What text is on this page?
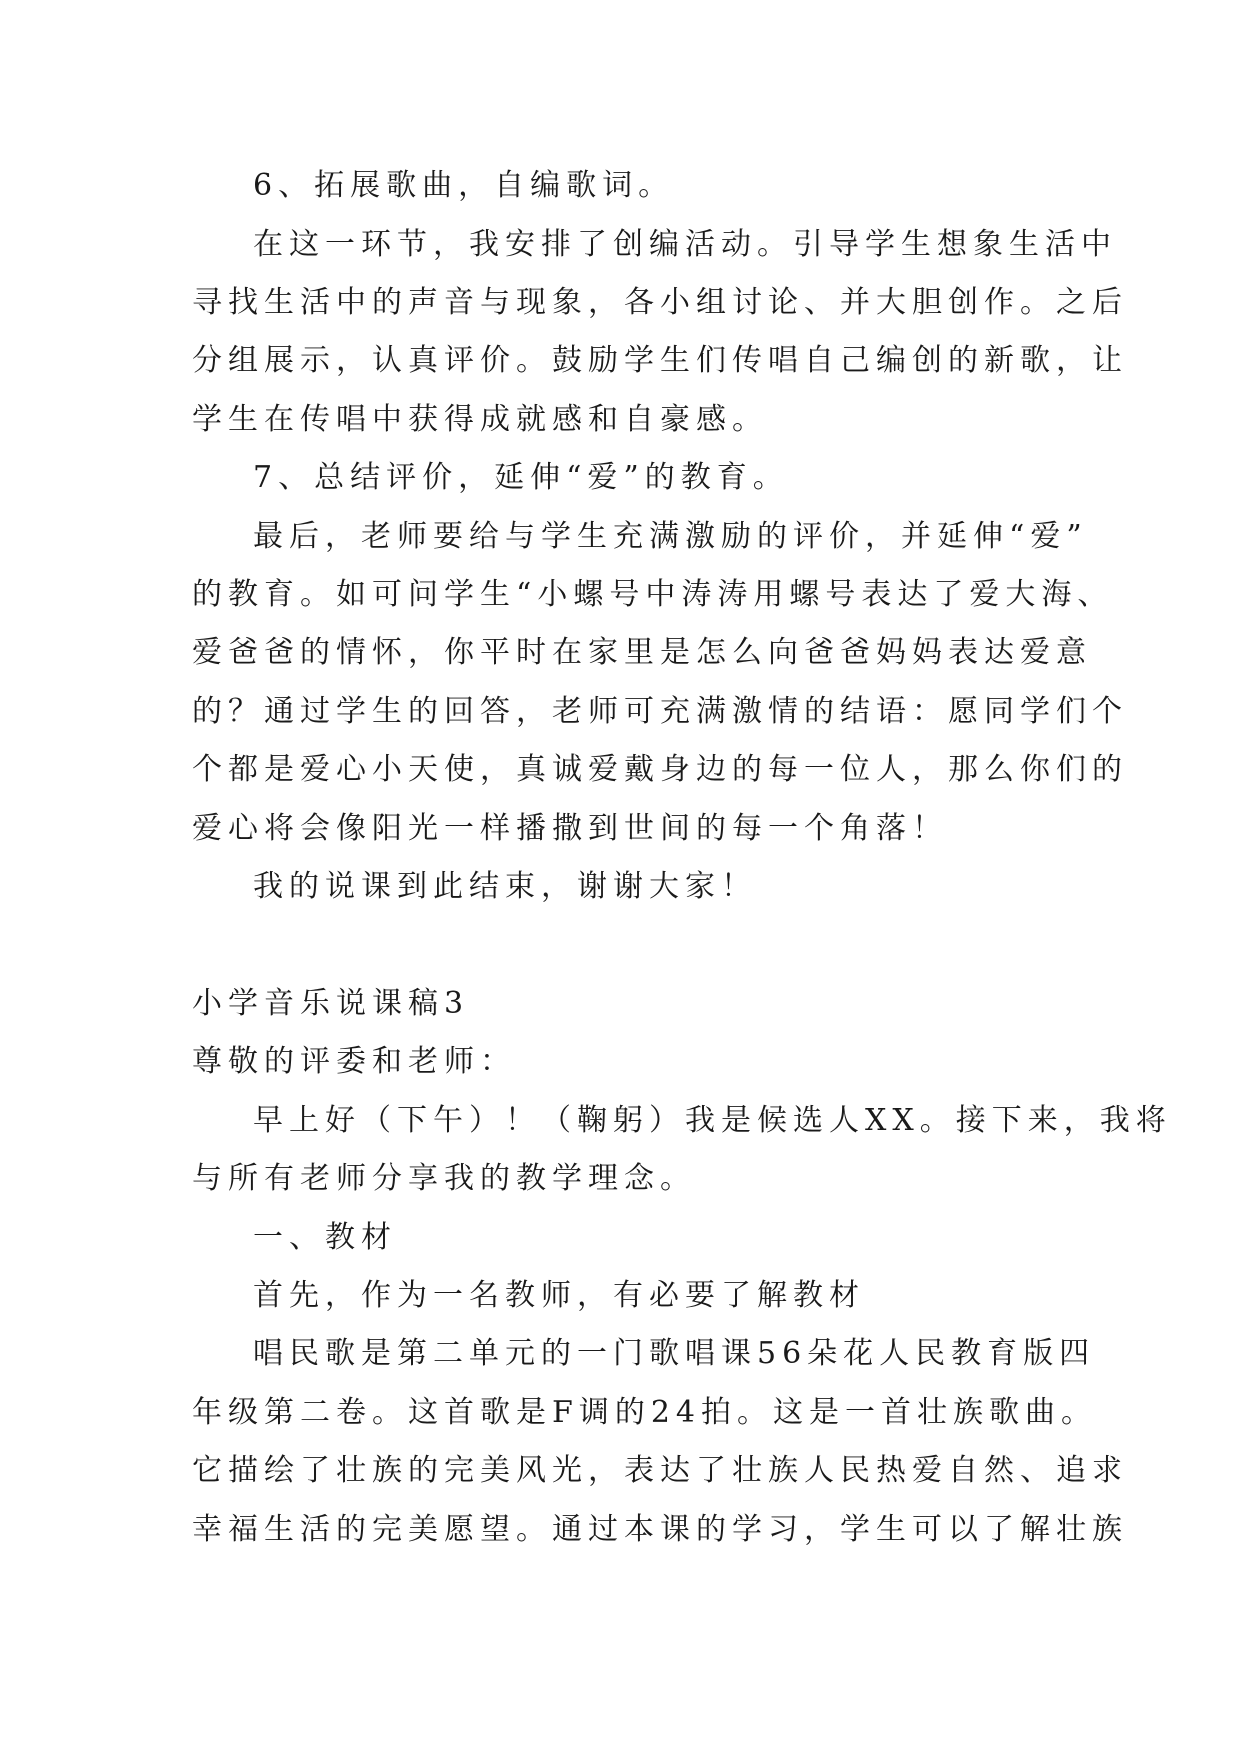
6、拓展歌曲，自编歌词。
在这一环节，我安排了创编活动。引导学生想象生活中
寻找生活中的声音与现象，各小组讨论、并大胆创作。之后
分组展示，认真评价。鼓励学生们传唱自己编创的新歌，让
学生在传唱中获得成就感和自豪感。
7、总结评价，延伸“爱”的教育。
最后，老师要给与学生充满激励的评价，并延伸“爱”
的教育。如可问学生“小螺号中涛涛用螺号表达了爱大海、
爱爸爸的情怀，你平时在家里是怎么向爸爸妈妈表达爱意
的？通过学生的回答，老师可充满激情的结语：愿同学们个
个都是爱心小天使，真诚爱戴身边的每一位人，那么你们的
爱心将会像阳光一样播撒到世间的每一个角落！
我的说课到此结束，谢谢大家！
小学音乐说课稿3
尊敬的评委和老师：
早上好（下午）！（鞠躬）我是候选人XX。接下来，我将
与所有老师分享我的教学理念。
一、教材
首先，作为一名教师，有必要了解教材
唱民歌是第二单元的一门歌唱课56朵花人民教育版四
年级第二卷。这首歌是F调的24拍。这是一首壮族歌曲。
它描绘了壮族的完美风光，表达了壮族人民热爱自然、追求
幸福生活的完美愿望。通过本课的学习，学生可以了解壮族
